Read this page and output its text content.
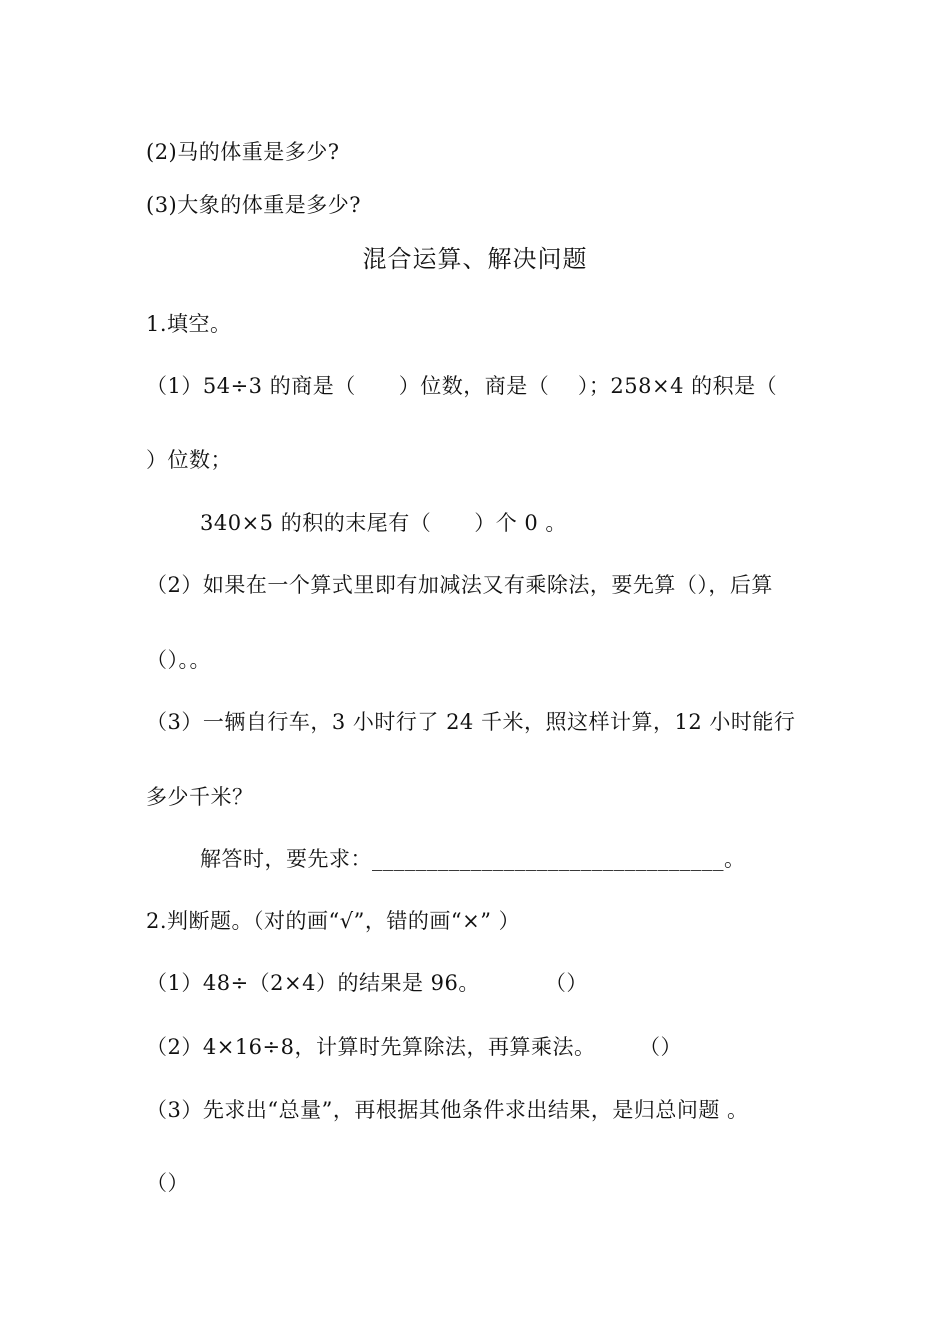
(2)马的体重是多少?
(3)大象的体重是多少?
混合运算、解决问题
1.填空。
（1）54÷3 的商是（　　）位数，商是（　 ）；258×4 的积是（
）位数；
340×5 的积的末尾有（　　）个 0 。
（2）如果在一个算式里即有加减法又有乘除法，要先算（），后算
（）。。
（3）一辆自行车，3 小时行了 24 千米，照这样计算，12 小时能行
多少千米？
解答时，要先求：________________________________。
2.判断题。（对的画“√”，错的画“×” ）
（1）48÷（2×4）的结果是 96。　　　　（）
（2）4×16÷8，计算时先算除法，再算乘法。　　　（）
（3）先求出“总量”，再根据其他条件求出结果，是归总问题 。
（）
